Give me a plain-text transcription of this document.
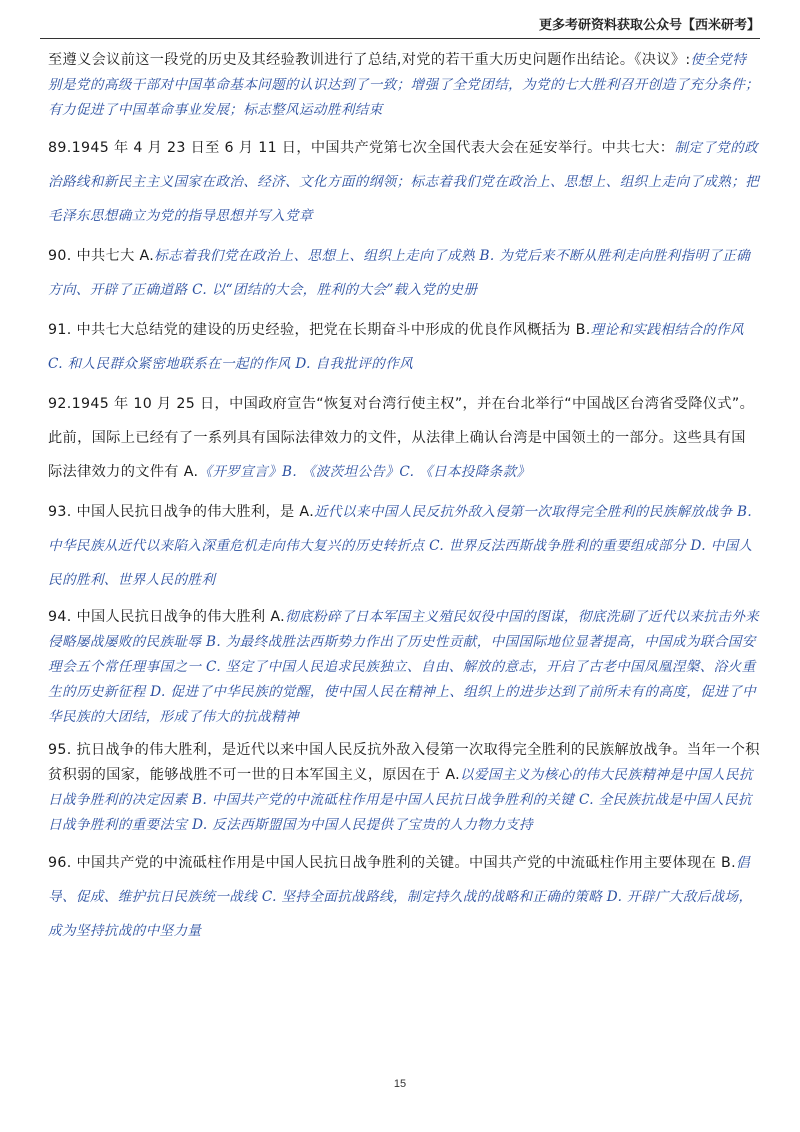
更多考研资料获取公众号【西米研考】

至遵义会议前这一段党的历史及其经验教训进行了总结,对党的若干重大历史问题作出结论。《决议》:使全党特别是党的高级干部对中国革命基本问题的认识达到了一致；增强了全党团结，为党的七大胜利召开创造了充分条件；有力促进了中国革命事业发展；标志整风运动胜利结束

89.1945 年 4 月 23 日至 6 月 11 日，中国共产党第七次全国代表大会在延安举行。中共七大：制定了党的政治路线和新民主主义国家在政治、经济、文化方面的纲领；标志着我们党在政治上、思想上、组织上走向了成熟；把毛泽东思想确立为党的指导思想并写入党章

90. 中共七大 A.标志着我们党在政治上、思想上、组织上走向了成熟 B. 为党后来不断从胜利走向胜利指明了正确方向、开辟了正确道路 C. 以“团结的大会，胜利的大会”载入党的史册

91. 中共七大总结党的建设的历史经验，把党在长期奋斗中形成的优良作风概括为 B.理论和实践相结合的作风 C. 和人民群众紧密地联系在一起的作风 D. 自我批评的作风

92.1945 年 10 月 25 日，中国政府宣告“恢复对台湾行使主权”，并在台北举行“中国战区台湾省受降仪式”。此前，国际上已经有了一系列具有国际法律效力的文件，从法律上确认台湾是中国领土的一部分。这些具有国际法律效力的文件有 A.《开罗宣言》B. 《波茨坦公告》C. 《日本投降条款》

93. 中国人民抗日战争的伟大胜利，是 A.近代以来中国人民反抗外敌入侵第一次取得完全胜利的民族解放战争 B. 中华民族从近代以来陷入深重危机走向伟大复兴的历史转折点 C. 世界反法西斯战争胜利的重要组成部分 D. 中国人民的胜利、世界人民的胜利

94. 中国人民抗日战争的伟大胜利 A.彻底粉碎了日本军国主义殖民奴役中国的图谋，彻底洗刷了近代以来抗击外来侵略屡战屡败的民族耻辱 B. 为最终战胜法西斯势力作出了历史性贡献，中国国际地位显著提高，中国成为联合国安理会五个常任理事国之一 C. 坚定了中国人民追求民族独立、自由、解放的意志，开启了古老中国凤凰涅槃、浴火重生的历史新征程 D. 促进了中华民族的觉醒，使中国人民在精神上、组织上的进步达到了前所未有的高度，促进了中华民族的大团结，形成了伟大的抗战精神

95. 抗日战争的伟大胜利，是近代以来中国人民反抗外敌入侵第一次取得完全胜利的民族解放战争。当年一个积贫积弱的国家，能够战胜不可一世的日本军国主义，原因在于 A.以爱国主义为核心的伟大民族精神是中国人民抗日战争胜利的决定因素 B. 中国共产党的中流砥柱作用是中国人民抗日战争胜利的关键 C. 全民族抗战是中国人民抗日战争胜利的重要法宝 D. 反法西斯盟国为中国人民提供了宝贵的人力物力支持

96. 中国共产党的中流砥柱作用是中国人民抗日战争胜利的关键。中国共产党的中流砥柱作用主要体现在 B.倡导、促成、维护抗日民族统一战线 C. 坚持全面抗战路线，制定持久战的战略和正确的策略 D. 开辟广大敌后战场，成为坚持抗战的中坚力量

15
